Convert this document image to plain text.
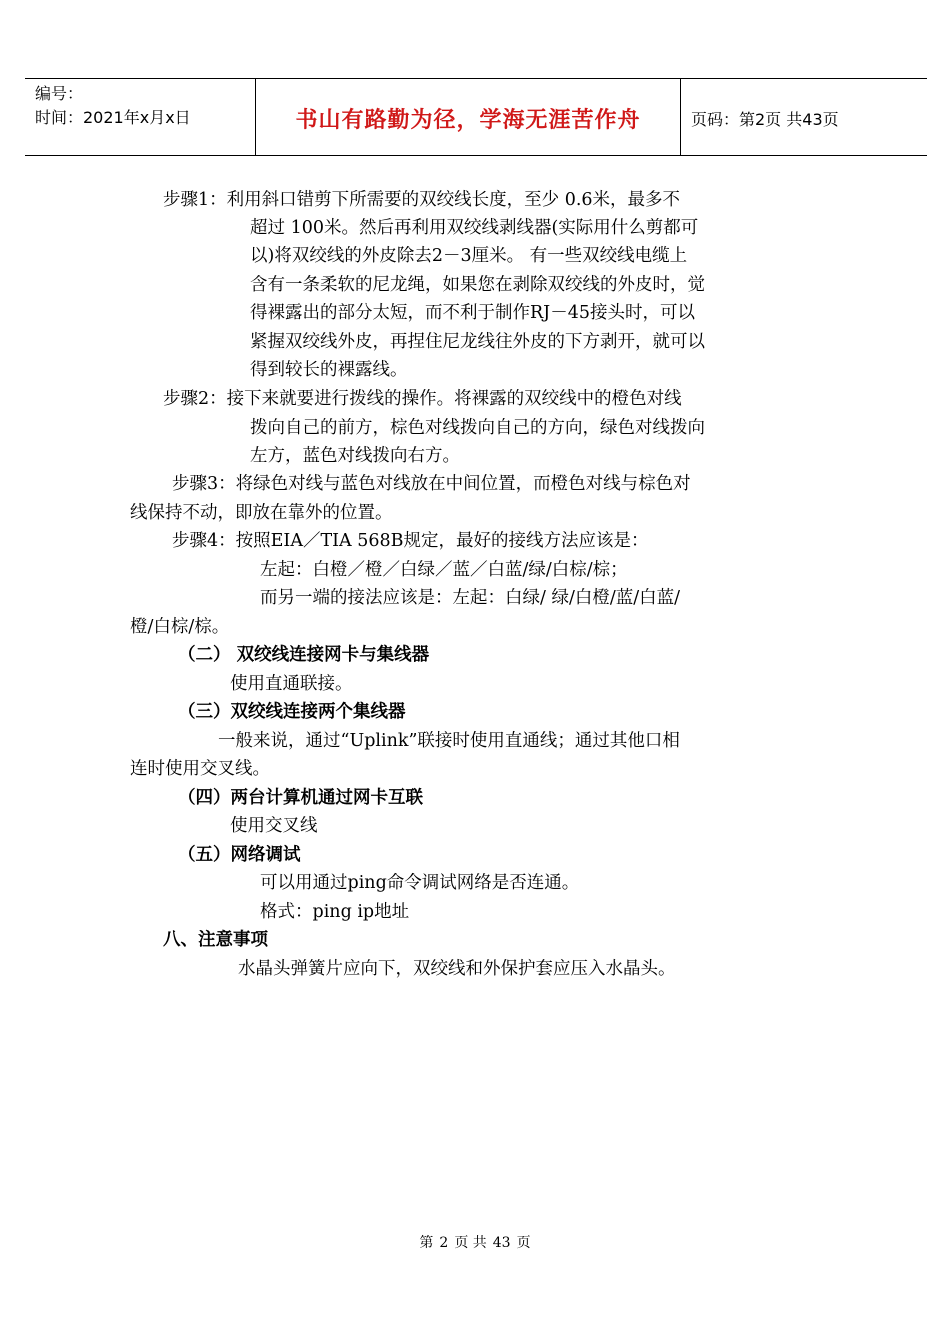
编号：
时间：2021年x月x日	书山有路勤为径，学海无涯苦作舟	页码：第2页 共43页
步骤1：利用斜口错剪下所需要的双绞线长度，至少 0.6米，最多不
超过 100米。然后再利用双绞线剥线器(实际用什么剪都可
以)将双绞线的外皮除去2－3厘米。 有一些双绞线电缆上
含有一条柔软的尼龙绳，如果您在剥除双绞线的外皮时，觉
得裸露出的部分太短，而不利于制作RJ－45接头时，可以
紧握双绞线外皮，再捏住尼龙线往外皮的下方剥开，就可以
得到较长的裸露线。
步骤2：接下来就要进行拨线的操作。将裸露的双绞线中的橙色对线
拨向自己的前方，棕色对线拨向自己的方向，绿色对线拨向
左方，蓝色对线拨向右方。
步骤3：将绿色对线与蓝色对线放在中间位置，而橙色对线与棕色对
线保持不动，即放在靠外的位置。
步骤4：按照EIA／TIA 568B规定，最好的接线方法应该是：
左起：白橙／橙／白绿／蓝／白蓝/绿/白棕/棕；
而另一端的接法应该是：左起：白绿/ 绿/白橙/蓝/白蓝/
橙/白棕/棕。
（二） 双绞线连接网卡与集线器
使用直通联接。
（三）双绞线连接两个集线器
一般来说，通过“Uplink”联接时使用直通线；通过其他口相
连时使用交叉线。
（四）两台计算机通过网卡互联
使用交叉线
（五）网络调试
可以用通过ping命令调试网络是否连通。
格式：ping ip地址
八、注意事项
水晶头弹簧片应向下，双绞线和外保护套应压入水晶头。
第 2 页 共 43 页
